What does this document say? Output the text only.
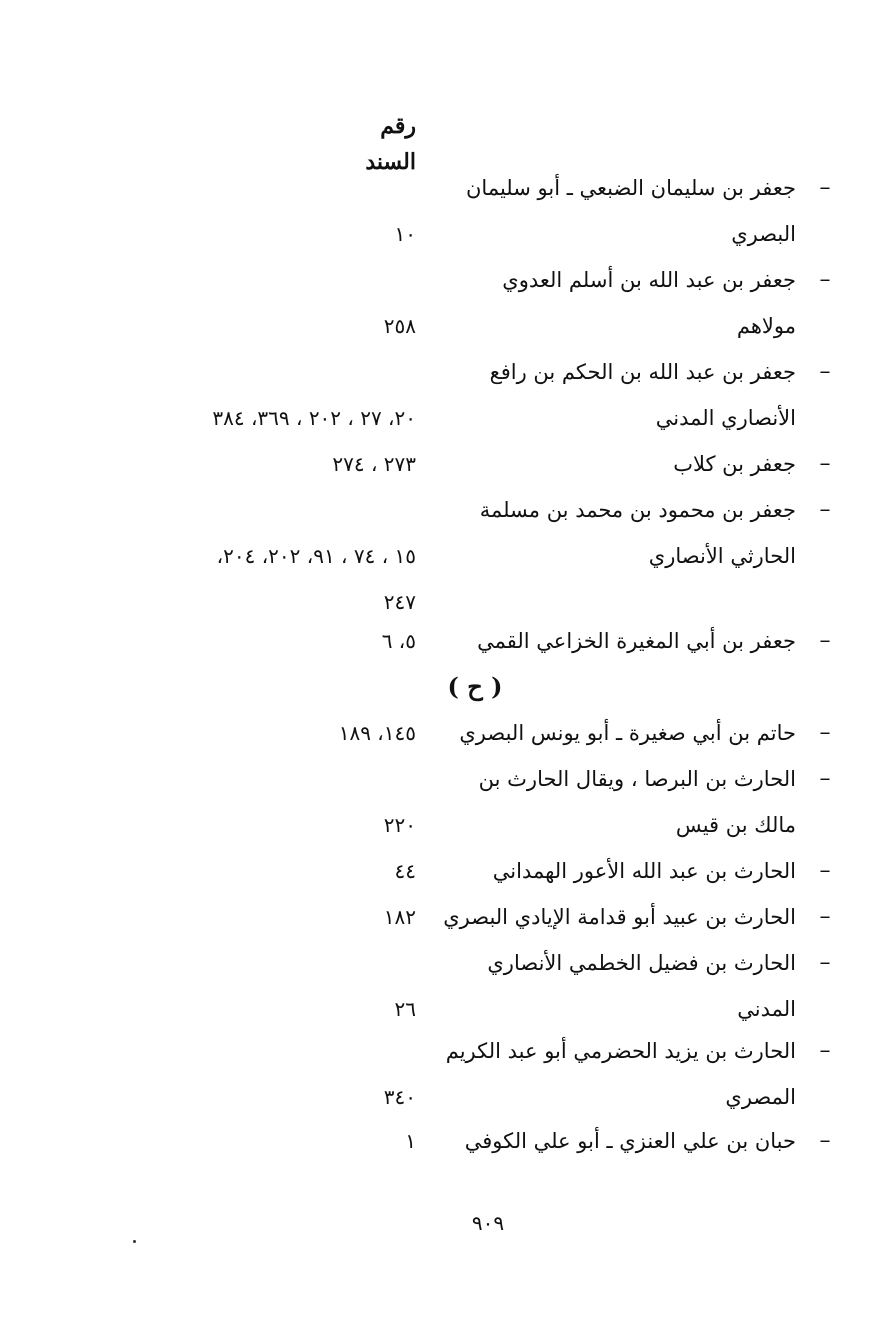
رقم السند
–
جعفر بن سليمان الضبعي ـ أبو سليمان البصري
١٠
–
جعفر بن عبد الله بن أسلم العدوي مولاهم
٢٥٨
–
جعفر بن عبد الله بن الحكم بن رافع الأنصاري المدني
٢٠، ٢٧ ، ٢٠٢ ، ٣٦٩، ٣٨٤
–
جعفر بن كلاب
٢٧٣ ، ٢٧٤
–
جعفر بن محمود بن محمد بن مسلمة الحارثي الأنصاري
١٥ ، ٧٤ ، ٩١، ٢٠٢، ٢٠٤،
٢٤٧
–
جعفر بن أبي المغيرة الخزاعي القمي
٥، ٦
( ح )
–
حاتم بن أبي صغيرة ـ أبو يونس البصري
١٤٥، ١٨٩
–
الحارث بن البرصا ، ويقال الحارث بن مالك بن قيس
٢٢٠
–
الحارث بن عبد الله الأعور الهمداني
٤٤
–
الحارث بن عبيد أبو قدامة الإيادي البصري
١٨٢
–
الحارث بن فضيل الخطمي الأنصاري المدني
٢٦
–
الحارث بن يزيد الحضرمي أبو عبد الكريم المصري
٣٤٠
–
حبان بن علي العنزي ـ أبو علي الكوفي
١
٩٠٩
